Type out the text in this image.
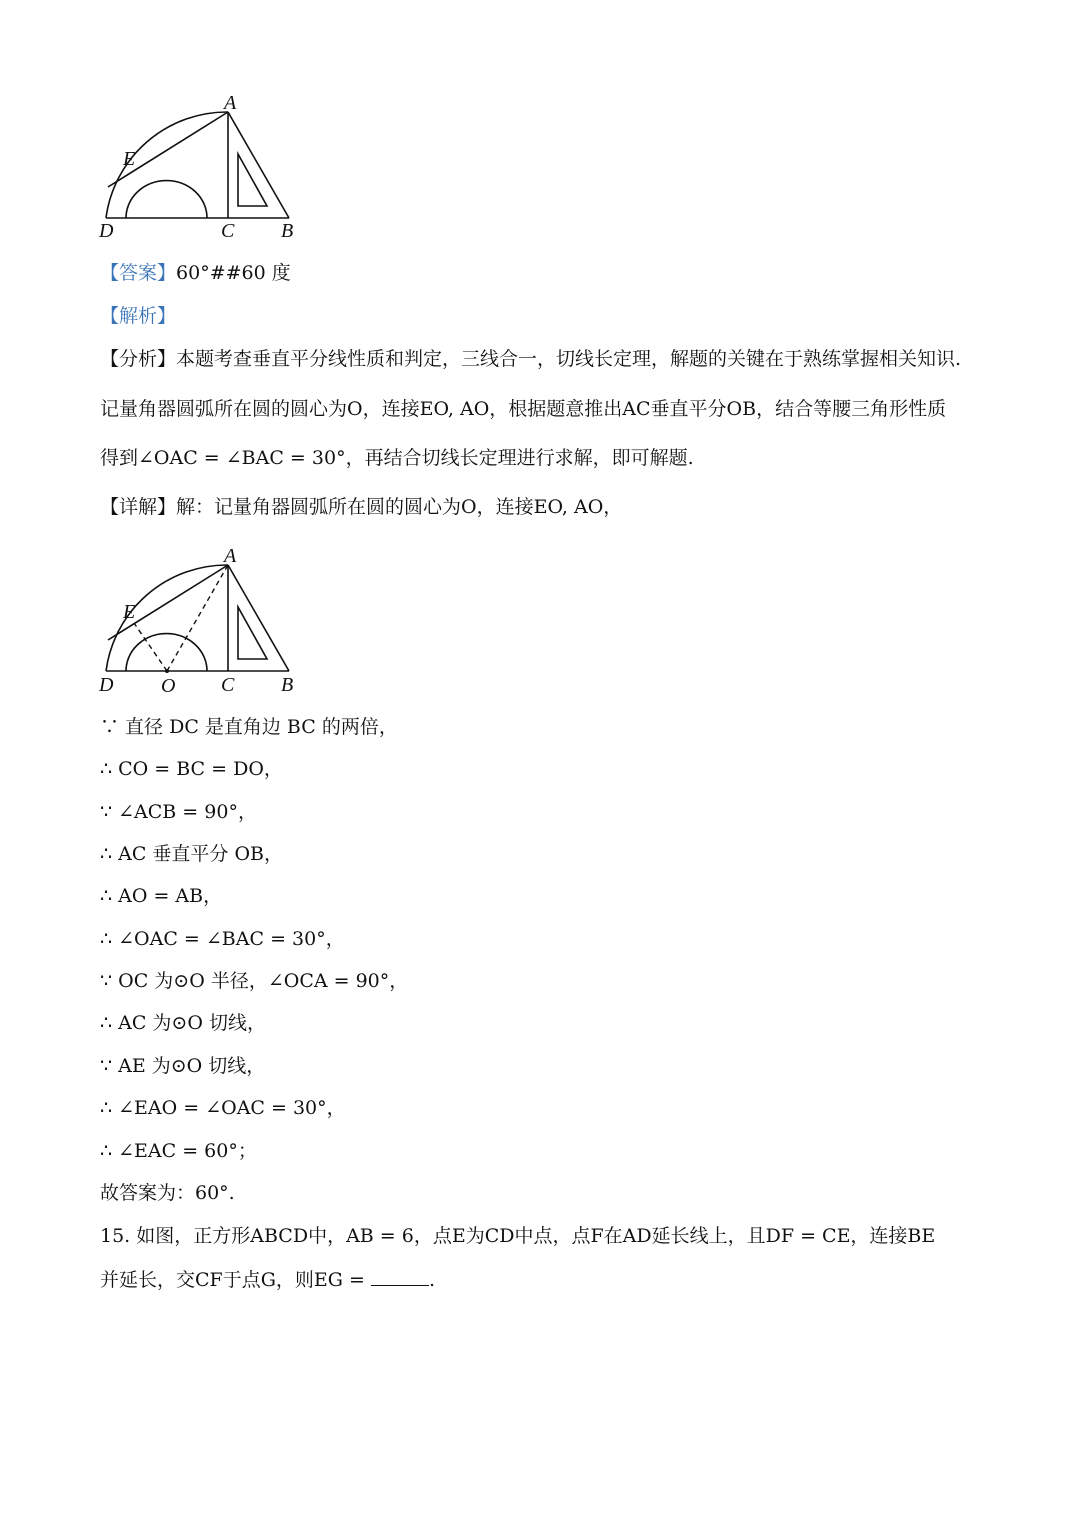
A
E
D	C B
【答案】60°##60 度
【解析】
【分析】本题考查垂直平分线性质和判定，三线合一，切线长定理，解题的关键在于熟练掌握相关知识.
记量角器圆弧所在圆的圆心为O，连接EO, AO，根据题意推出AC垂直平分OB，结合等腰三角形性质
得到∠OAC = ∠BAC = 30°，再结合切线长定理进行求解，即可解题.
【详解】解：记量角器圆弧所在圆的圆心为O，连接EO, AO，
A
E
D O C B
∵ 直径 DC 是直角边 BC 的两倍，
∴ CO = BC = DO，
∵ ∠ACB = 90°，
∴ AC 垂直平分 OB，
∴ AO = AB，
∴ ∠OAC = ∠BAC = 30°，
∵ OC 为⊙O 半径，∠OCA = 90°，
∴ AC 为⊙O 切线，
∵ AE 为⊙O 切线，
∴ ∠EAO = ∠OAC = 30°，
∴ ∠EAC = 60°；
故答案为：60°.
15. 如图，正方形ABCD中，AB = 6，点E为CD中点，点F在AD延长线上，且DF = CE，连接BE
并延长，交CF于点G，则EG =	.
